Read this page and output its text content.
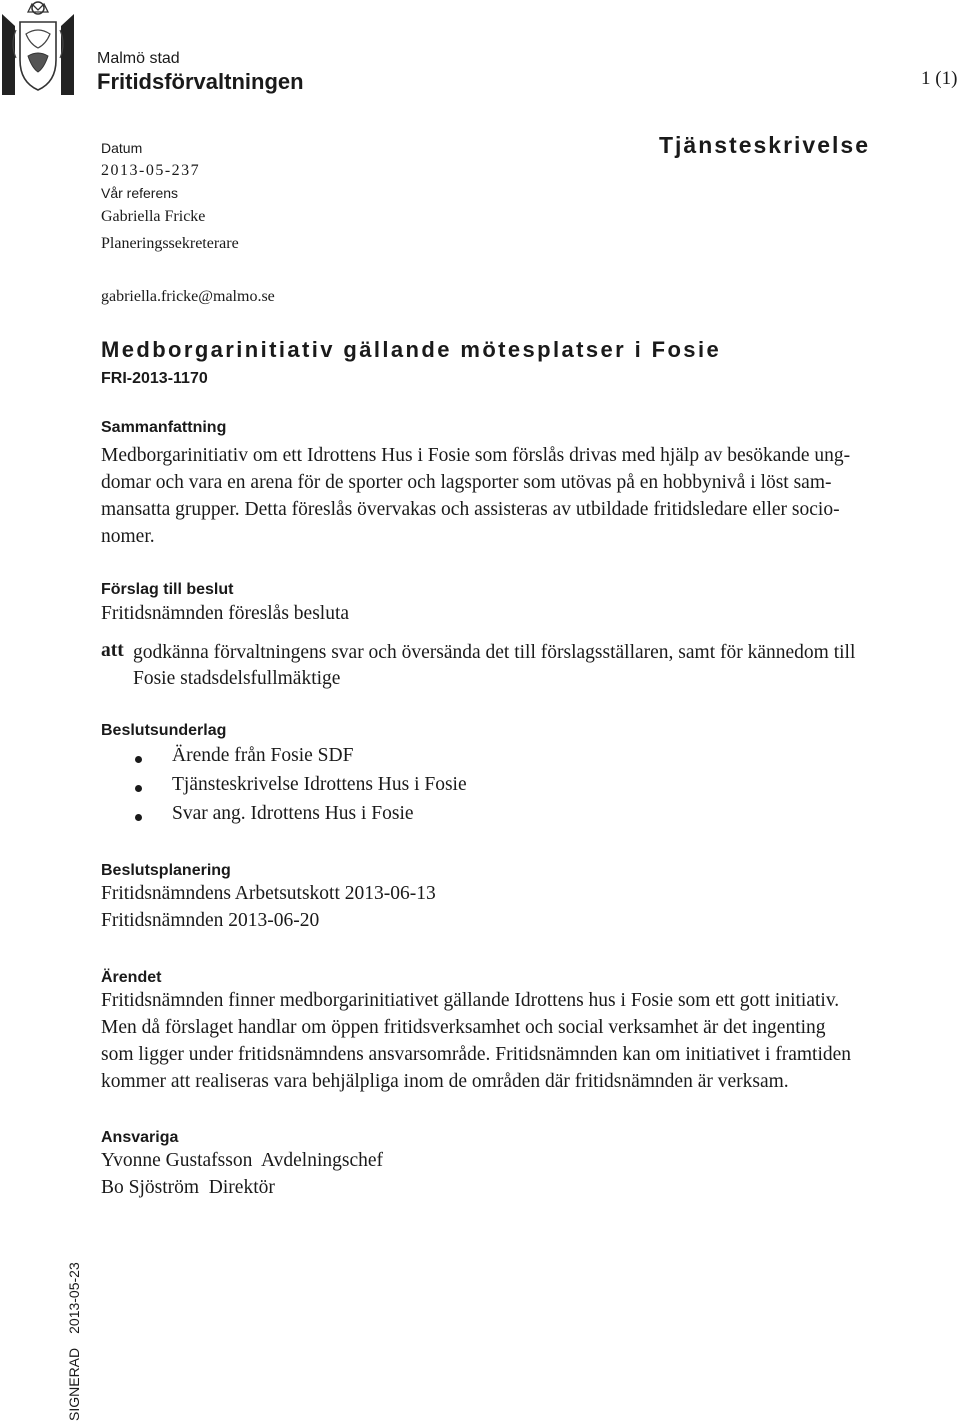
Malmö stad
Fritidsförvaltningen	1 (1)
Datum
2013-05-237
Vår referens
Gabriella Fricke
Planeringssekreterare
gabriella.fricke@malmo.se
Tjänsteskrivelse
Medborgarinitiativ gällande mötesplatser i Fosie
FRI-2013-1170
Sammanfattning
Medborgarinitiativ om ett Idrottens Hus i Fosie som förslås drivas med hjälp av besökande ung-
domar och vara en arena för de sporter och lagsporter som utövas på en hobbynivå i löst sam-
mansatta grupper. Detta föreslås övervakas och assisteras av utbildade fritidsledare eller socio-
nomer.
Förslag till beslut
Fritidsnämnden föreslås besluta
att godkänna förvaltningens svar och översända det till förslagsställaren, samt för kännedom till
Fosie stadsdelsfullmäktige
Beslutsunderlag
Ärende från Fosie SDF
Tjänsteskrivelse Idrottens Hus i Fosie
Svar ang. Idrottens Hus i Fosie
Beslutsplanering
Fritidsnämndens Arbetsutskott 2013-06-13
Fritidsnämnden 2013-06-20
Ärendet
Fritidsnämnden finner medborgarinitiativet gällande Idrottens hus i Fosie som ett gott initiativ.
Men då förslaget handlar om öppen fritidsverksamhet och social verksamhet är det ingenting
som ligger under fritidsnämndens ansvarsområde. Fritidsnämnden kan om initiativet i framtiden
kommer att realiseras vara behjälpliga inom de områden där fritidsnämnden är verksam.
Ansvariga
Yvonne Gustafsson  Avdelningschef
Bo Sjöström  Direktör
SIGNERAD2013-05-23
